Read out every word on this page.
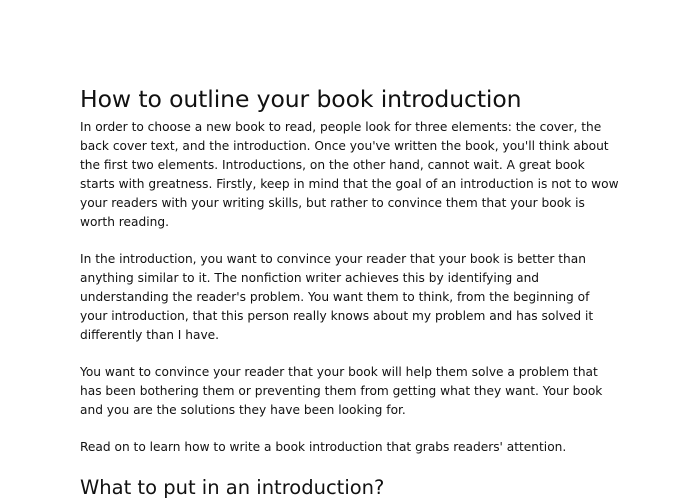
How to outline your book introduction

In order to choose a new book to read, people look for three elements: the cover, the back cover text, and the introduction. Once you've written the book, you'll think about the first two elements. Introductions, on the other hand, cannot wait. A great book starts with greatness. Firstly, keep in mind that the goal of an introduction is not to wow your readers with your writing skills, but rather to convince them that your book is worth reading.

In the introduction, you want to convince your reader that your book is better than anything similar to it. The nonfiction writer achieves this by identifying and understanding the reader's problem. You want them to think, from the beginning of your introduction, that this person really knows about my problem and has solved it differently than I have.

You want to convince your reader that your book will help them solve a problem that has been bothering them or preventing them from getting what they want. Your book and you are the solutions they have been looking for.

Read on to learn how to write a book introduction that grabs readers' attention.

What to put in an introduction?
